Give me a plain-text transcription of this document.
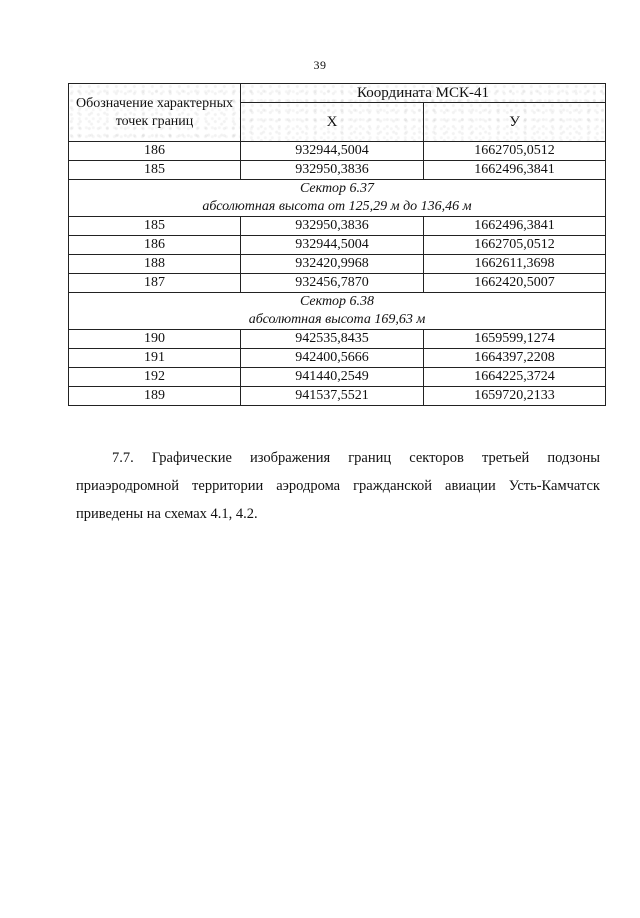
39
Обозначение характерных точек границ	Координата МСК-41	
	Х	У
186	932944,5004	1662705,0512
185	932950,3836	1662496,3841

Сектор 6.37
абсолютная высота от 125,29 м до 136,46 м		

185	932950,3836	1662496,3841
186	932944,5004	1662705,0512
188	932420,9968	1662611,3698
187	932456,7870	1662420,5007

Сектор 6.38
абсолютная высота 169,63 м		

190	942535,8435	1659599,1274
191	942400,5666	1664397,2208
192	941440,2549	1664225,3724
189	941537,5521	1659720,2133
7.7. Графические изображения границ секторов третьей подзоны
приаэродромной территории аэродрома гражданской авиации Усть-Камчатск
приведены
на
схемах
4.1,
4.2.
